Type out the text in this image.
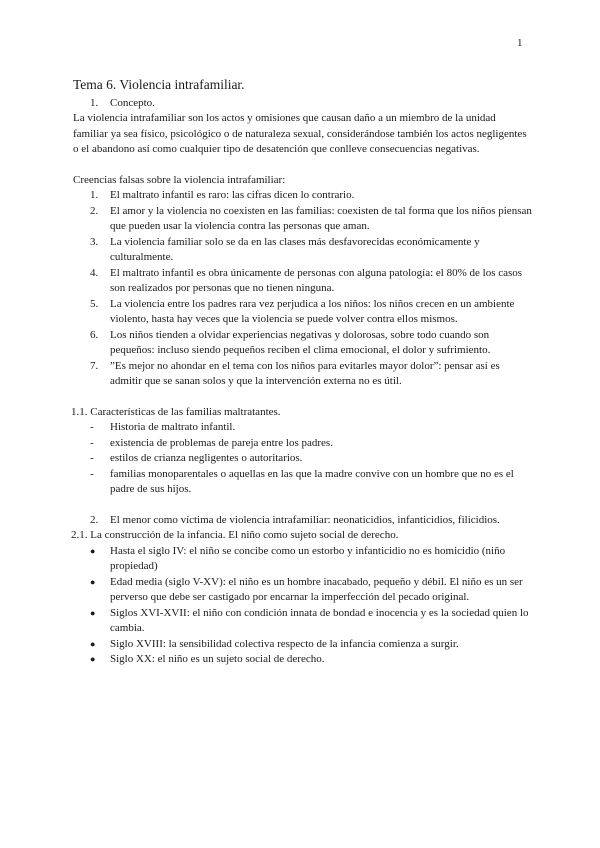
1
Tema 6. Violencia intrafamiliar.
1. Concepto.

La violencia intrafamiliar son los actos y omisiones que causan daño a un miembro de la unidad familiar ya sea físico, psicológico o de naturaleza sexual, considerándose también los actos negligentes o el abandono así como cualquier tipo de desatención que conlleve consecuencias negativas.

Creencias falsas sobre la violencia intrafamiliar:

1. El maltrato infantil es raro: las cifras dicen lo contrario.
2. El amor y la violencia no coexisten en las familias: coexisten de tal forma que los niños piensan que pueden usar la violencia contra las personas que aman.
3. La violencia familiar solo se da en las clases más desfavorecidas económicamente y culturalmente.
4. El maltrato infantil es obra únicamente de personas con alguna patología: el 80% de los casos son realizados por personas que no tienen ninguna.
5. La violencia entre los padres rara vez perjudica a los niños: los niños crecen en un ambiente violento, hasta hay veces que la violencia se puede volver contra ellos mismos.
6. Los niños tienden a olvidar experiencias negativas y dolorosas, sobre todo cuando son pequeños: incluso siendo pequeños reciben el clima emocional, el dolor y sufrimiento.
7. ”Es mejor no ahondar en el tema con los niños para evitarles mayor dolor”: pensar así es admitir que se sanan solos y que la intervención externa no es útil.

1.1. Características de las familias maltratantes.

- Historia de maltrato infantil.
- existencia de problemas de pareja entre los padres.
- estilos de crianza negligentes o autoritarios.
- familias monoparentales o aquellas en las que la madre convive con un hombre que no es el padre de sus hijos.
2. El menor como víctima de violencia intrafamiliar: neonaticidios, infanticidios, filicidios.

2.1. La construcción de la infancia. El niño como sujeto social de derecho.

● Hasta el siglo IV: el niño se concibe como un estorbo y infanticidio no es homicidio (niño propiedad)
● Edad media (siglo V-XV): el niño es un hombre inacabado, pequeño y débil. El niño es un ser perverso que debe ser castigado por encarnar la imperfección del pecado original.
● Siglos XVI-XVII: el niño con condición innata de bondad e inocencia y es la sociedad quien lo cambia.
● Siglo XVIII: la sensibilidad colectiva respecto de la infancia comienza a surgir.
● Siglo XX: el niño es un sujeto social de derecho.
